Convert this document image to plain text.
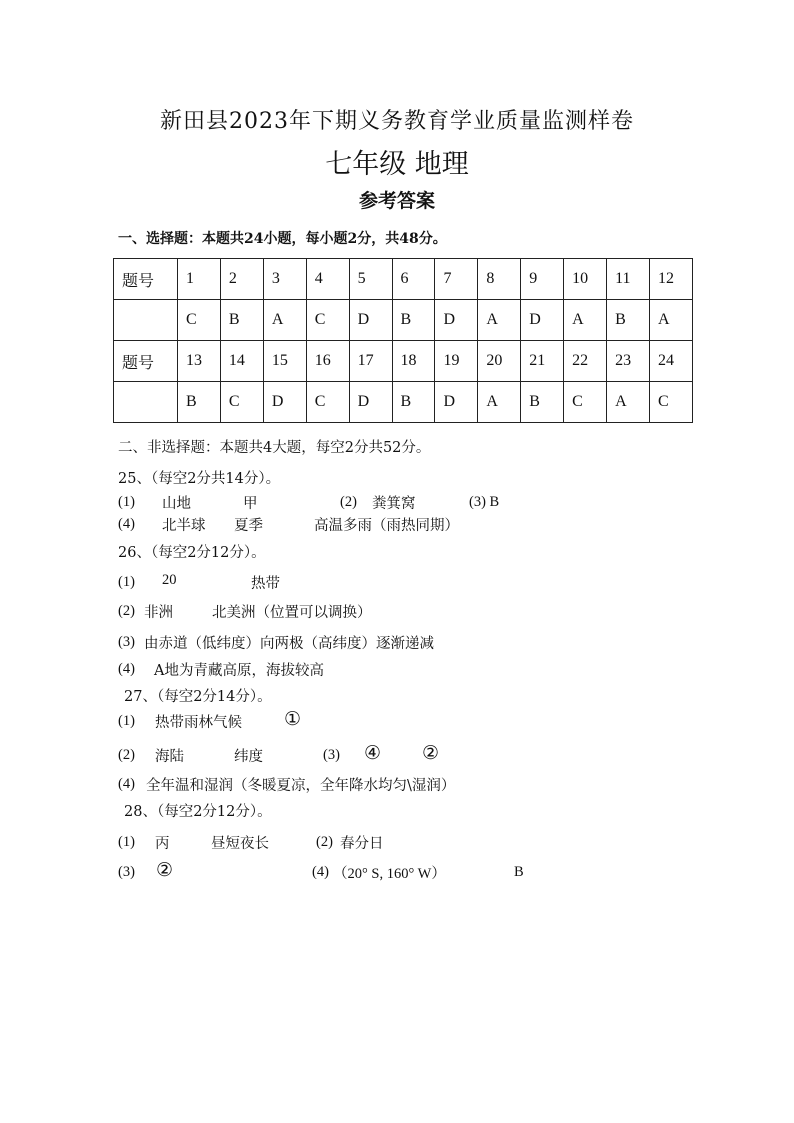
新田县2023年下期义务教育学业质量监测样卷
七年级 地理
参考答案
一、选择题：本题共24小题，每小题2分，共48分。
题号	1	2	3	4	5	6	7	8	9	10	11	12
	C	B	A	C	D	B	D	A	D	A	B	A
题号	13	14	15	16	17	18	19	20	21	22	23	24
	B	C	D	C	D	B	D	A	B	C	A	C
二、非选择题：本题共4大题，每空2分共52分。
25、（每空2分共14分）。
(1) 山地	甲	(2) 粪箕窝	(3) B
(4) 北半球 夏季	高温多雨（雨热同期）
26、（每空2分12分）。
(1) 20	热带
(2) 非洲	北美洲（位置可以调换）
(3) 由赤道（低纬度）向两极（高纬度）逐渐递减
(4) A地为青藏高原，海拔较高
27、（每空2分14分）。
(1) 热带雨林气候 ①
(2) 海陆	纬度	(3) ④ ②
(4) 全年温和湿润（冬暖夏凉，全年降水均匀\湿润）
28、（每空2分12分）。
(1) 丙	昼短夜长	(2) 春分日
(3) ②	(4) （20° S, 160° W）	B
